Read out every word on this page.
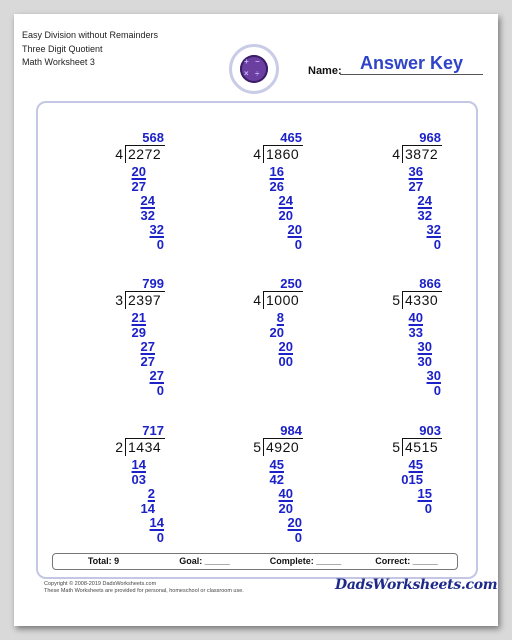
Easy Division without Remainders
Three Digit Quotient
Math Worksheet 3	+ −
× ÷
Answer Key
Name:
568
4 2272
20
27
24
32
32
0
465
4 1860
16
26
24
20
20
0
968
4 3872
36
27
24
32
32
0
799
3 2397
21
29
27
27
27
0
250
4 1000
8
20
20
00
866
5 4330
40
33
30
30
30
0
717
2 1434
14
03
2
14
14
0
984
5 4920
45
42
40
20
20
0
903
5 4515
45
015
15
0
Total: 9	Goal: _____	Complete: _____	Correct: _____
Copyright © 2008-2019 DadsWorksheets.com
These Math Worksheets are provided for personal, homeschool or classroom use.	DadsWorksheets.com
